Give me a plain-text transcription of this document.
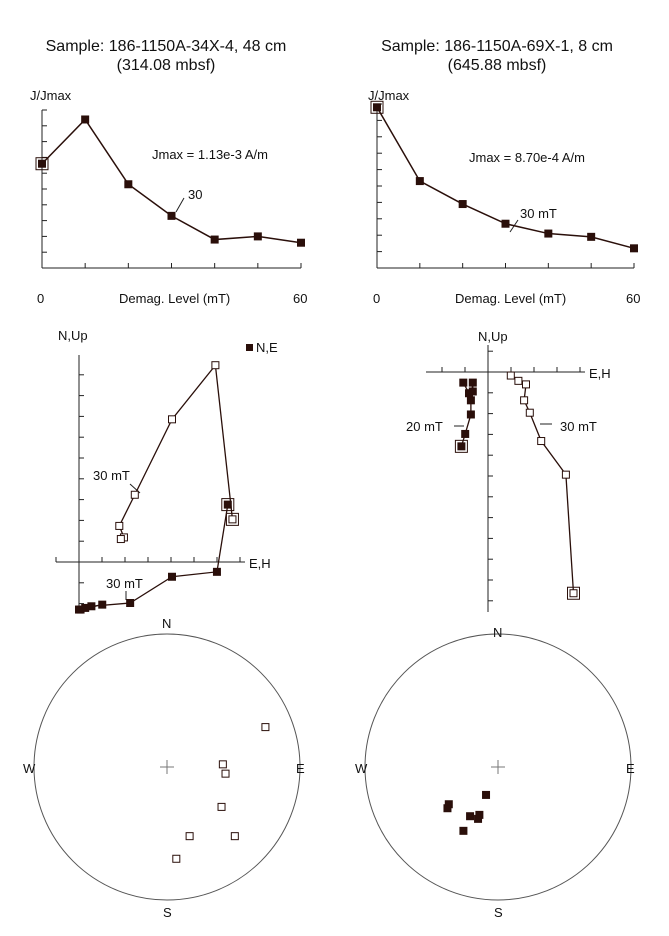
Sample: 186-1150A-34X-4, 48 cm
(314.08 mbsf)
Sample: 186-1150A-69X-1, 8 cm
(645.88 mbsf)
J/Jmax
Demag. Level (mT)
0	60
Jmax = 1.13e-3 A/m
30
J/Jmax
Demag. Level (mT)
0	60
Jmax = 8.70e-4 A/m
30 mT
N,Up
E,H
N,E
30 mT
30 mT
N,Up
E,H
20 mT	30 mT
N
S
E
W
N
S
E
W
